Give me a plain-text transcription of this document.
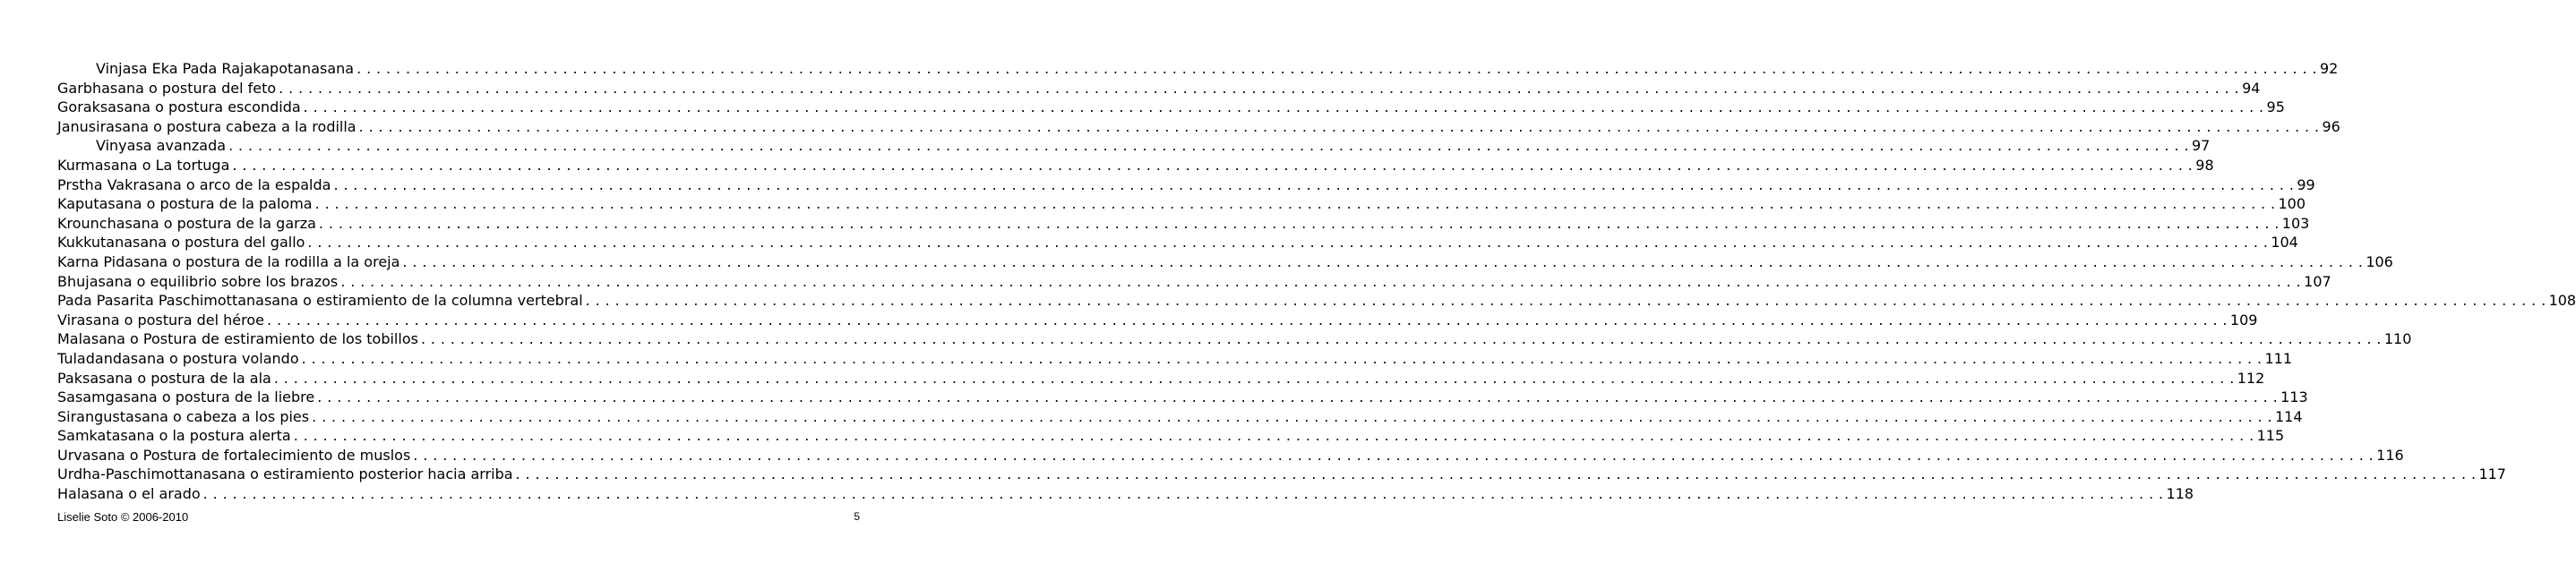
Vinjasa Eka Pada Rajakapotanasana . . . . . . . . . . . . . . . . . . . . . . . . . . . . . . . . . . . . . . . . . . . . . . . . . . . . . . . . . . . . . . . . . . . . . . . . . . . . . . . . . . . . . . . . . . . . . . . . . . . . . . . . . . . . . . . . . . . . . . . . . . . . . . . . . . . . . . . . . . . . . . . . . . . . . . . . . . . . . . . . . . . . . . . . . . . . . . . . . . . . . . . . . . . . . . . . . . . . . . . . 92
Garbhasana o postura del feto . . . . . . . . . . . . . . . . . . . . . . . . . . . . . . . . . . . . . . . . . . . . . . . . . . . . . . . . . . . . . . . . . . . . . . . . . . . . . . . . . . . . . . . . . . . . . . . . . . . . . . . . . . . . . . . . . . . . . . . . . . . . . . . . . . . . . . . . . . . . . . . . . . . . . . . . . . . . . . . . . . . . . . . . . . . . . . . . . . . . . . . . . . . . . . . . . . . . . . . . 94
Goraksasana o postura escondida . . . . . . . . . . . . . . . . . . . . . . . . . . . . . . . . . . . . . . . . . . . . . . . . . . . . . . . . . . . . . . . . . . . . . . . . . . . . . . . . . . . . . . . . . . . . . . . . . . . . . . . . . . . . . . . . . . . . . . . . . . . . . . . . . . . . . . . . . . . . . . . . . . . . . . . . . . . . . . . . . . . . . . . . . . . . . . . . . . . . . . . . . . . . . . . . . . . . . . . . 95
Janusirasana o postura cabeza a la rodilla . . . . . . . . . . . . . . . . . . . . . . . . . . . . . . . . . . . . . . . . . . . . . . . . . . . . . . . . . . . . . . . . . . . . . . . . . . . . . . . . . . . . . . . . . . . . . . . . . . . . . . . . . . . . . . . . . . . . . . . . . . . . . . . . . . . . . . . . . . . . . . . . . . . . . . . . . . . . . . . . . . . . . . . . . . . . . . . . . . . . . . . . . . . . . . . . . . . . . . . . 96
Vinyasa avanzada . . . . . . . . . . . . . . . . . . . . . . . . . . . . . . . . . . . . . . . . . . . . . . . . . . . . . . . . . . . . . . . . . . . . . . . . . . . . . . . . . . . . . . . . . . . . . . . . . . . . . . . . . . . . . . . . . . . . . . . . . . . . . . . . . . . . . . . . . . . . . . . . . . . . . . . . . . . . . . . . . . . . . . . . . . . . . . . . . . . . . . . . . . . . . . . . . . . . . . . . 97
Kurmasana o La tortuga . . . . . . . . . . . . . . . . . . . . . . . . . . . . . . . . . . . . . . . . . . . . . . . . . . . . . . . . . . . . . . . . . . . . . . . . . . . . . . . . . . . . . . . . . . . . . . . . . . . . . . . . . . . . . . . . . . . . . . . . . . . . . . . . . . . . . . . . . . . . . . . . . . . . . . . . . . . . . . . . . . . . . . . . . . . . . . . . . . . . . . . . . . . . . . . . . . . . . . . . 98
Prstha Vakrasana o arco de la espalda . . . . . . . . . . . . . . . . . . . . . . . . . . . . . . . . . . . . . . . . . . . . . . . . . . . . . . . . . . . . . . . . . . . . . . . . . . . . . . . . . . . . . . . . . . . . . . . . . . . . . . . . . . . . . . . . . . . . . . . . . . . . . . . . . . . . . . . . . . . . . . . . . . . . . . . . . . . . . . . . . . . . . . . . . . . . . . . . . . . . . . . . . . . . . . . . . . . . . . . . 99
Kaputasana o postura de la paloma . . . . . . . . . . . . . . . . . . . . . . . . . . . . . . . . . . . . . . . . . . . . . . . . . . . . . . . . . . . . . . . . . . . . . . . . . . . . . . . . . . . . . . . . . . . . . . . . . . . . . . . . . . . . . . . . . . . . . . . . . . . . . . . . . . . . . . . . . . . . . . . . . . . . . . . . . . . . . . . . . . . . . . . . . . . . . . . . . . . . . . . . . . . . . . . . . . . . . . . . 100
Krounchasana o postura de la garza . . . . . . . . . . . . . . . . . . . . . . . . . . . . . . . . . . . . . . . . . . . . . . . . . . . . . . . . . . . . . . . . . . . . . . . . . . . . . . . . . . . . . . . . . . . . . . . . . . . . . . . . . . . . . . . . . . . . . . . . . . . . . . . . . . . . . . . . . . . . . . . . . . . . . . . . . . . . . . . . . . . . . . . . . . . . . . . . . . . . . . . . . . . . . . . . . . . . . . . . 103
Kukkutanasana o postura del gallo . . . . . . . . . . . . . . . . . . . . . . . . . . . . . . . . . . . . . . . . . . . . . . . . . . . . . . . . . . . . . . . . . . . . . . . . . . . . . . . . . . . . . . . . . . . . . . . . . . . . . . . . . . . . . . . . . . . . . . . . . . . . . . . . . . . . . . . . . . . . . . . . . . . . . . . . . . . . . . . . . . . . . . . . . . . . . . . . . . . . . . . . . . . . . . . . . . . . . . . . 104
Karna Pidasana o postura de la rodilla a la oreja . . . . . . . . . . . . . . . . . . . . . . . . . . . . . . . . . . . . . . . . . . . . . . . . . . . . . . . . . . . . . . . . . . . . . . . . . . . . . . . . . . . . . . . . . . . . . . . . . . . . . . . . . . . . . . . . . . . . . . . . . . . . . . . . . . . . . . . . . . . . . . . . . . . . . . . . . . . . . . . . . . . . . . . . . . . . . . . . . . . . . . . . . . . . . . . . . . . . . . . . 106
Bhujasana o equilibrio sobre los brazos . . . . . . . . . . . . . . . . . . . . . . . . . . . . . . . . . . . . . . . . . . . . . . . . . . . . . . . . . . . . . . . . . . . . . . . . . . . . . . . . . . . . . . . . . . . . . . . . . . . . . . . . . . . . . . . . . . . . . . . . . . . . . . . . . . . . . . . . . . . . . . . . . . . . . . . . . . . . . . . . . . . . . . . . . . . . . . . . . . . . . . . . . . . . . . . . . . . . . . . . 107
Pada Pasarita Paschimottanasana o estiramiento de la columna vertebral . . . . . . . . . . . . . . . . . . . . . . . . . . . . . . . . . . . . . . . . . . . . . . . . . . . . . . . . . . . . . . . . . . . . . . . . . . . . . . . . . . . . . . . . . . . . . . . . . . . . . . . . . . . . . . . . . . . . . . . . . . . . . . . . . . . . . . . . . . . . . . . . . . . . . . . . . . . . . . . . . . . . . . . . . . . . . . . . . . . . . . . . . . . . . . . . . . . . . . . . 108
Virasana o postura del héroe . . . . . . . . . . . . . . . . . . . . . . . . . . . . . . . . . . . . . . . . . . . . . . . . . . . . . . . . . . . . . . . . . . . . . . . . . . . . . . . . . . . . . . . . . . . . . . . . . . . . . . . . . . . . . . . . . . . . . . . . . . . . . . . . . . . . . . . . . . . . . . . . . . . . . . . . . . . . . . . . . . . . . . . . . . . . . . . . . . . . . . . . . . . . . . . . . . . . . . . . 109
Malasana o Postura de estiramiento de los tobillos . . . . . . . . . . . . . . . . . . . . . . . . . . . . . . . . . . . . . . . . . . . . . . . . . . . . . . . . . . . . . . . . . . . . . . . . . . . . . . . . . . . . . . . . . . . . . . . . . . . . . . . . . . . . . . . . . . . . . . . . . . . . . . . . . . . . . . . . . . . . . . . . . . . . . . . . . . . . . . . . . . . . . . . . . . . . . . . . . . . . . . . . . . . . . . . . . . . . . . . . 110
Tuladandasana o postura volando . . . . . . . . . . . . . . . . . . . . . . . . . . . . . . . . . . . . . . . . . . . . . . . . . . . . . . . . . . . . . . . . . . . . . . . . . . . . . . . . . . . . . . . . . . . . . . . . . . . . . . . . . . . . . . . . . . . . . . . . . . . . . . . . . . . . . . . . . . . . . . . . . . . . . . . . . . . . . . . . . . . . . . . . . . . . . . . . . . . . . . . . . . . . . . . . . . . . . . . . 111
Paksasana o postura de la ala . . . . . . . . . . . . . . . . . . . . . . . . . . . . . . . . . . . . . . . . . . . . . . . . . . . . . . . . . . . . . . . . . . . . . . . . . . . . . . . . . . . . . . . . . . . . . . . . . . . . . . . . . . . . . . . . . . . . . . . . . . . . . . . . . . . . . . . . . . . . . . . . . . . . . . . . . . . . . . . . . . . . . . . . . . . . . . . . . . . . . . . . . . . . . . . . . . . . . . . . 112
Sasamgasana o postura de la liebre . . . . . . . . . . . . . . . . . . . . . . . . . . . . . . . . . . . . . . . . . . . . . . . . . . . . . . . . . . . . . . . . . . . . . . . . . . . . . . . . . . . . . . . . . . . . . . . . . . . . . . . . . . . . . . . . . . . . . . . . . . . . . . . . . . . . . . . . . . . . . . . . . . . . . . . . . . . . . . . . . . . . . . . . . . . . . . . . . . . . . . . . . . . . . . . . . . . . . . . . 113
Sirangustasana o cabeza a los pies . . . . . . . . . . . . . . . . . . . . . . . . . . . . . . . . . . . . . . . . . . . . . . . . . . . . . . . . . . . . . . . . . . . . . . . . . . . . . . . . . . . . . . . . . . . . . . . . . . . . . . . . . . . . . . . . . . . . . . . . . . . . . . . . . . . . . . . . . . . . . . . . . . . . . . . . . . . . . . . . . . . . . . . . . . . . . . . . . . . . . . . . . . . . . . . . . . . . . . . . 114
Samkatasana o la postura alerta . . . . . . . . . . . . . . . . . . . . . . . . . . . . . . . . . . . . . . . . . . . . . . . . . . . . . . . . . . . . . . . . . . . . . . . . . . . . . . . . . . . . . . . . . . . . . . . . . . . . . . . . . . . . . . . . . . . . . . . . . . . . . . . . . . . . . . . . . . . . . . . . . . . . . . . . . . . . . . . . . . . . . . . . . . . . . . . . . . . . . . . . . . . . . . . . . . . . . . . . 115
Urvasana o Postura de fortalecimiento de muslos . . . . . . . . . . . . . . . . . . . . . . . . . . . . . . . . . . . . . . . . . . . . . . . . . . . . . . . . . . . . . . . . . . . . . . . . . . . . . . . . . . . . . . . . . . . . . . . . . . . . . . . . . . . . . . . . . . . . . . . . . . . . . . . . . . . . . . . . . . . . . . . . . . . . . . . . . . . . . . . . . . . . . . . . . . . . . . . . . . . . . . . . . . . . . . . . . . . . . . . . 116
Urdha-Paschimottanasana o estiramiento posterior hacia arriba . . . . . . . . . . . . . . . . . . . . . . . . . . . . . . . . . . . . . . . . . . . . . . . . . . . . . . . . . . . . . . . . . . . . . . . . . . . . . . . . . . . . . . . . . . . . . . . . . . . . . . . . . . . . . . . . . . . . . . . . . . . . . . . . . . . . . . . . . . . . . . . . . . . . . . . . . . . . . . . . . . . . . . . . . . . . . . . . . . . . . . . . . . . . . . . . . . . . . . . . 117
Halasana o el arado . . . . . . . . . . . . . . . . . . . . . . . . . . . . . . . . . . . . . . . . . . . . . . . . . . . . . . . . . . . . . . . . . . . . . . . . . . . . . . . . . . . . . . . . . . . . . . . . . . . . . . . . . . . . . . . . . . . . . . . . . . . . . . . . . . . . . . . . . . . . . . . . . . . . . . . . . . . . . . . . . . . . . . . . . . . . . . . . . . . . . . . . . . . . . . . . . . . . . . . . 118
Liselie Soto © 2006-2010	5
